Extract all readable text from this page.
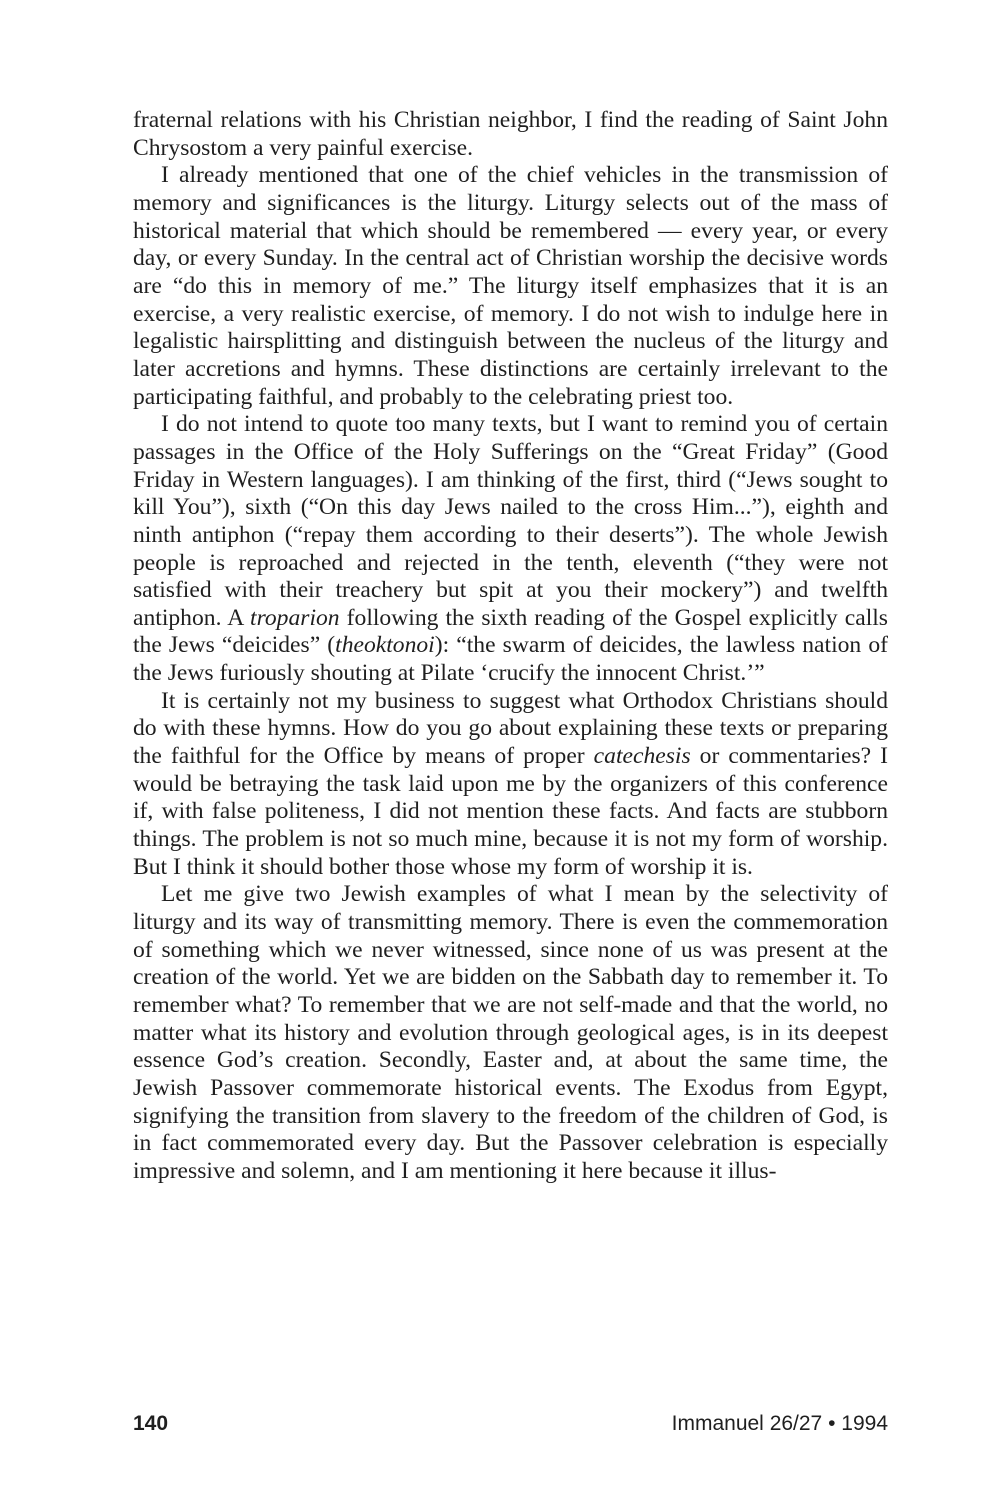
fraternal relations with his Christian neighbor, I find the reading of Saint John Chrysostom a very painful exercise.

I already mentioned that one of the chief vehicles in the transmission of memory and significances is the liturgy. Liturgy selects out of the mass of historical material that which should be remembered — every year, or every day, or every Sunday. In the central act of Christian worship the decisive words are “do this in memory of me.” The liturgy itself emphasizes that it is an exercise, a very realistic exercise, of memory. I do not wish to indulge here in legalistic hairsplitting and distinguish between the nucleus of the liturgy and later accretions and hymns. These distinctions are certainly irrelevant to the participating faithful, and probably to the celebrating priest too.

I do not intend to quote too many texts, but I want to remind you of certain passages in the Office of the Holy Sufferings on the “Great Friday” (Good Friday in Western languages). I am thinking of the first, third (“Jews sought to kill You”), sixth (“On this day Jews nailed to the cross Him...”), eighth and ninth antiphon (“repay them according to their deserts”). The whole Jewish people is reproached and rejected in the tenth, eleventh (“they were not satisfied with their treachery but spit at you their mockery”) and twelfth antiphon. A troparion following the sixth reading of the Gospel explicitly calls the Jews “deicides” (theoktonoi): “the swarm of deicides, the lawless nation of the Jews furiously shouting at Pilate ‘crucify the innocent Christ.’”

It is certainly not my business to suggest what Orthodox Christians should do with these hymns. How do you go about explaining these texts or preparing the faithful for the Office by means of proper catechesis or commentaries? I would be betraying the task laid upon me by the organizers of this conference if, with false politeness, I did not mention these facts. And facts are stubborn things. The problem is not so much mine, because it is not my form of worship. But I think it should bother those whose my form of worship it is.

Let me give two Jewish examples of what I mean by the selectivity of liturgy and its way of transmitting memory. There is even the commemoration of something which we never witnessed, since none of us was present at the creation of the world. Yet we are bidden on the Sabbath day to remember it. To remember what? To remember that we are not self-made and that the world, no matter what its history and evolution through geological ages, is in its deepest essence God’s creation. Secondly, Easter and, at about the same time, the Jewish Passover commemorate historical events. The Exodus from Egypt, signifying the transition from slavery to the freedom of the children of God, is in fact commemorated every day. But the Passover celebration is especially impressive and solemn, and I am mentioning it here because it illus-

140	Immanuel 26/27 • 1994
